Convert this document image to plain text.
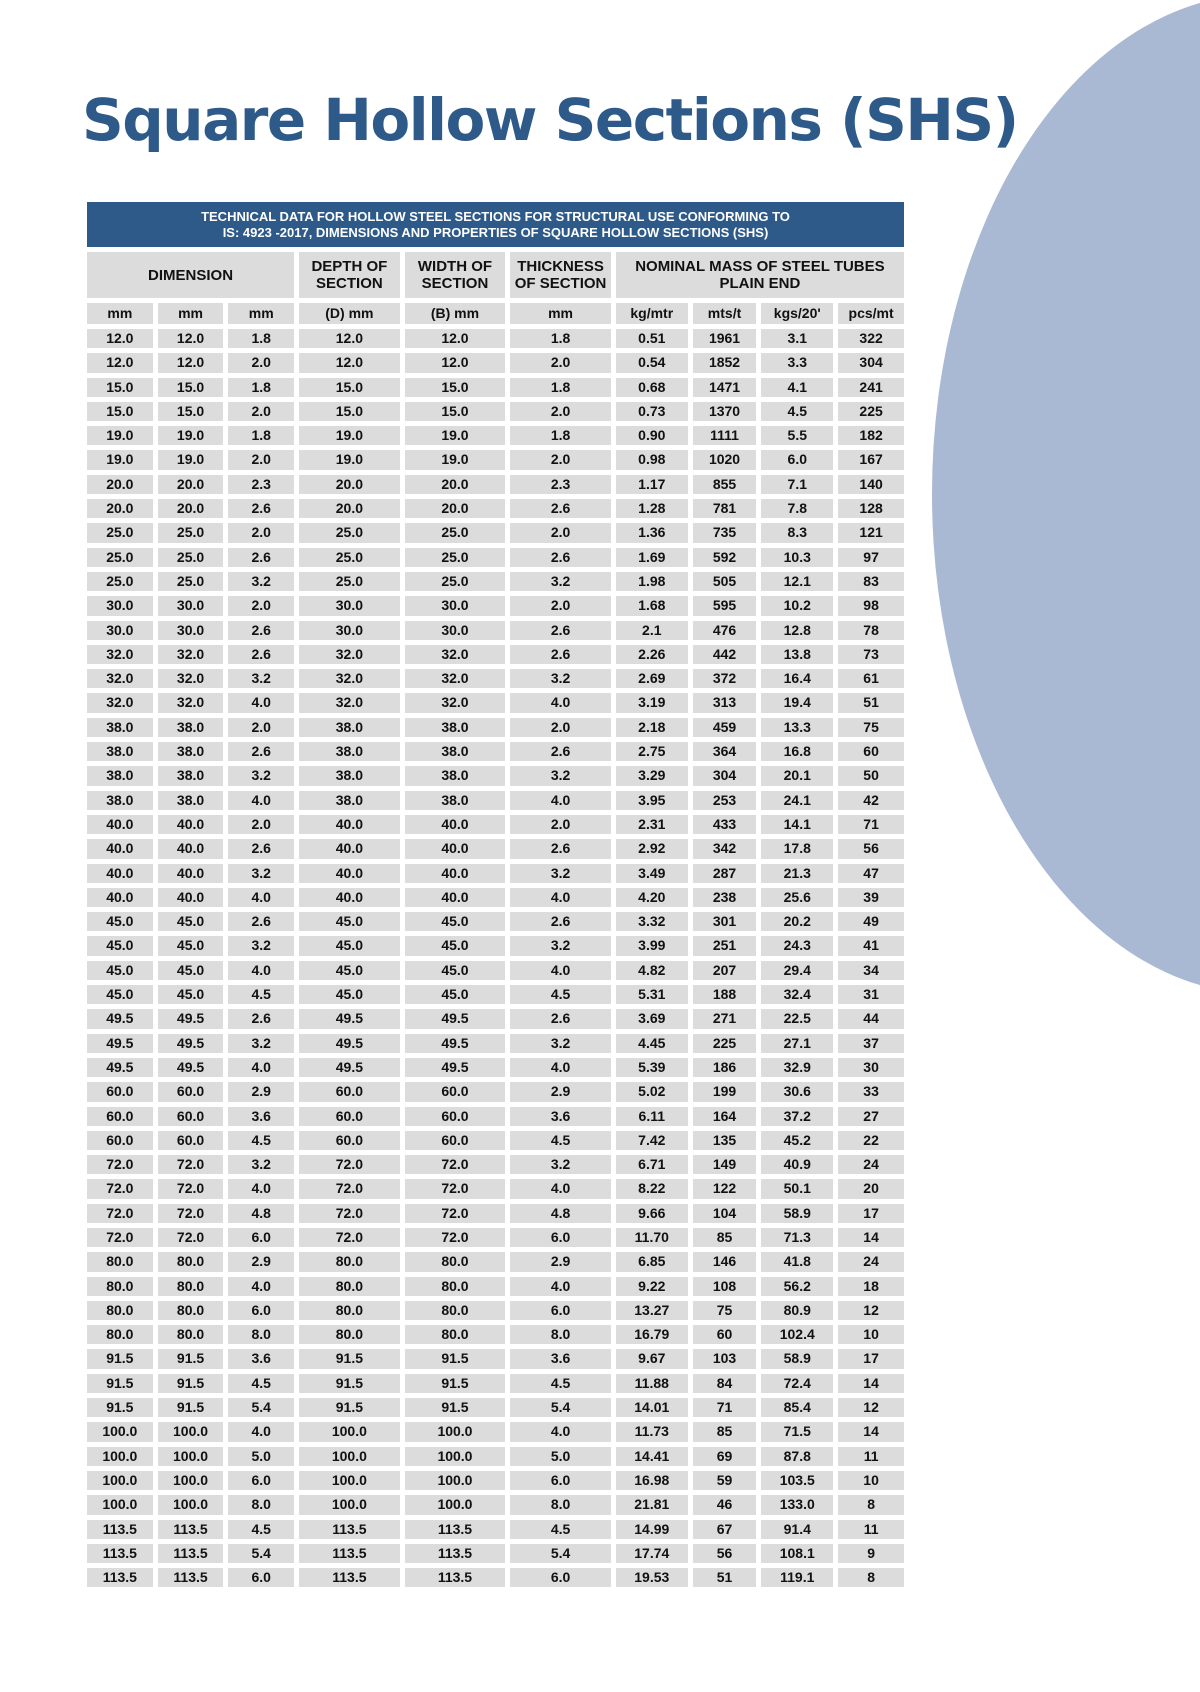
Square Hollow Sections (SHS)
TECHNICAL DATA FOR HOLLOW STEEL SECTIONS FOR STRUCTURAL USE CONFORMING TO
IS: 4923 -2017, DIMENSIONS AND PROPERTIES OF SQUARE HOLLOW SECTIONS (SHS)
DIMENSION			DEPTH OF SECTION	WIDTH OF SECTION	THICKNESS OF SECTION	NOMINAL MASS OF STEEL TUBES PLAIN END			
mm	mm	mm	(D) mm	(B) mm	mm	kg/mtr	mts/t	kgs/20'	pcs/mt
12.0	12.0	1.8	12.0	12.0	1.8	0.51	1961	3.1	322
12.0	12.0	2.0	12.0	12.0	2.0	0.54	1852	3.3	304
15.0	15.0	1.8	15.0	15.0	1.8	0.68	1471	4.1	241
15.0	15.0	2.0	15.0	15.0	2.0	0.73	1370	4.5	225
19.0	19.0	1.8	19.0	19.0	1.8	0.90	1111	5.5	182
19.0	19.0	2.0	19.0	19.0	2.0	0.98	1020	6.0	167
20.0	20.0	2.3	20.0	20.0	2.3	1.17	855	7.1	140
20.0	20.0	2.6	20.0	20.0	2.6	1.28	781	7.8	128
25.0	25.0	2.0	25.0	25.0	2.0	1.36	735	8.3	121
25.0	25.0	2.6	25.0	25.0	2.6	1.69	592	10.3	97
25.0	25.0	3.2	25.0	25.0	3.2	1.98	505	12.1	83
30.0	30.0	2.0	30.0	30.0	2.0	1.68	595	10.2	98
30.0	30.0	2.6	30.0	30.0	2.6	2.1	476	12.8	78
32.0	32.0	2.6	32.0	32.0	2.6	2.26	442	13.8	73
32.0	32.0	3.2	32.0	32.0	3.2	2.69	372	16.4	61
32.0	32.0	4.0	32.0	32.0	4.0	3.19	313	19.4	51
38.0	38.0	2.0	38.0	38.0	2.0	2.18	459	13.3	75
38.0	38.0	2.6	38.0	38.0	2.6	2.75	364	16.8	60
38.0	38.0	3.2	38.0	38.0	3.2	3.29	304	20.1	50
38.0	38.0	4.0	38.0	38.0	4.0	3.95	253	24.1	42
40.0	40.0	2.0	40.0	40.0	2.0	2.31	433	14.1	71
40.0	40.0	2.6	40.0	40.0	2.6	2.92	342	17.8	56
40.0	40.0	3.2	40.0	40.0	3.2	3.49	287	21.3	47
40.0	40.0	4.0	40.0	40.0	4.0	4.20	238	25.6	39
45.0	45.0	2.6	45.0	45.0	2.6	3.32	301	20.2	49
45.0	45.0	3.2	45.0	45.0	3.2	3.99	251	24.3	41
45.0	45.0	4.0	45.0	45.0	4.0	4.82	207	29.4	34
45.0	45.0	4.5	45.0	45.0	4.5	5.31	188	32.4	31
49.5	49.5	2.6	49.5	49.5	2.6	3.69	271	22.5	44
49.5	49.5	3.2	49.5	49.5	3.2	4.45	225	27.1	37
49.5	49.5	4.0	49.5	49.5	4.0	5.39	186	32.9	30
60.0	60.0	2.9	60.0	60.0	2.9	5.02	199	30.6	33
60.0	60.0	3.6	60.0	60.0	3.6	6.11	164	37.2	27
60.0	60.0	4.5	60.0	60.0	4.5	7.42	135	45.2	22
72.0	72.0	3.2	72.0	72.0	3.2	6.71	149	40.9	24
72.0	72.0	4.0	72.0	72.0	4.0	8.22	122	50.1	20
72.0	72.0	4.8	72.0	72.0	4.8	9.66	104	58.9	17
72.0	72.0	6.0	72.0	72.0	6.0	11.70	85	71.3	14
80.0	80.0	2.9	80.0	80.0	2.9	6.85	146	41.8	24
80.0	80.0	4.0	80.0	80.0	4.0	9.22	108	56.2	18
80.0	80.0	6.0	80.0	80.0	6.0	13.27	75	80.9	12
80.0	80.0	8.0	80.0	80.0	8.0	16.79	60	102.4	10
91.5	91.5	3.6	91.5	91.5	3.6	9.67	103	58.9	17
91.5	91.5	4.5	91.5	91.5	4.5	11.88	84	72.4	14
91.5	91.5	5.4	91.5	91.5	5.4	14.01	71	85.4	12
100.0	100.0	4.0	100.0	100.0	4.0	11.73	85	71.5	14
100.0	100.0	5.0	100.0	100.0	5.0	14.41	69	87.8	11
100.0	100.0	6.0	100.0	100.0	6.0	16.98	59	103.5	10
100.0	100.0	8.0	100.0	100.0	8.0	21.81	46	133.0	8
113.5	113.5	4.5	113.5	113.5	4.5	14.99	67	91.4	11
113.5	113.5	5.4	113.5	113.5	5.4	17.74	56	108.1	9
113.5	113.5	6.0	113.5	113.5	6.0	19.53	51	119.1	8
